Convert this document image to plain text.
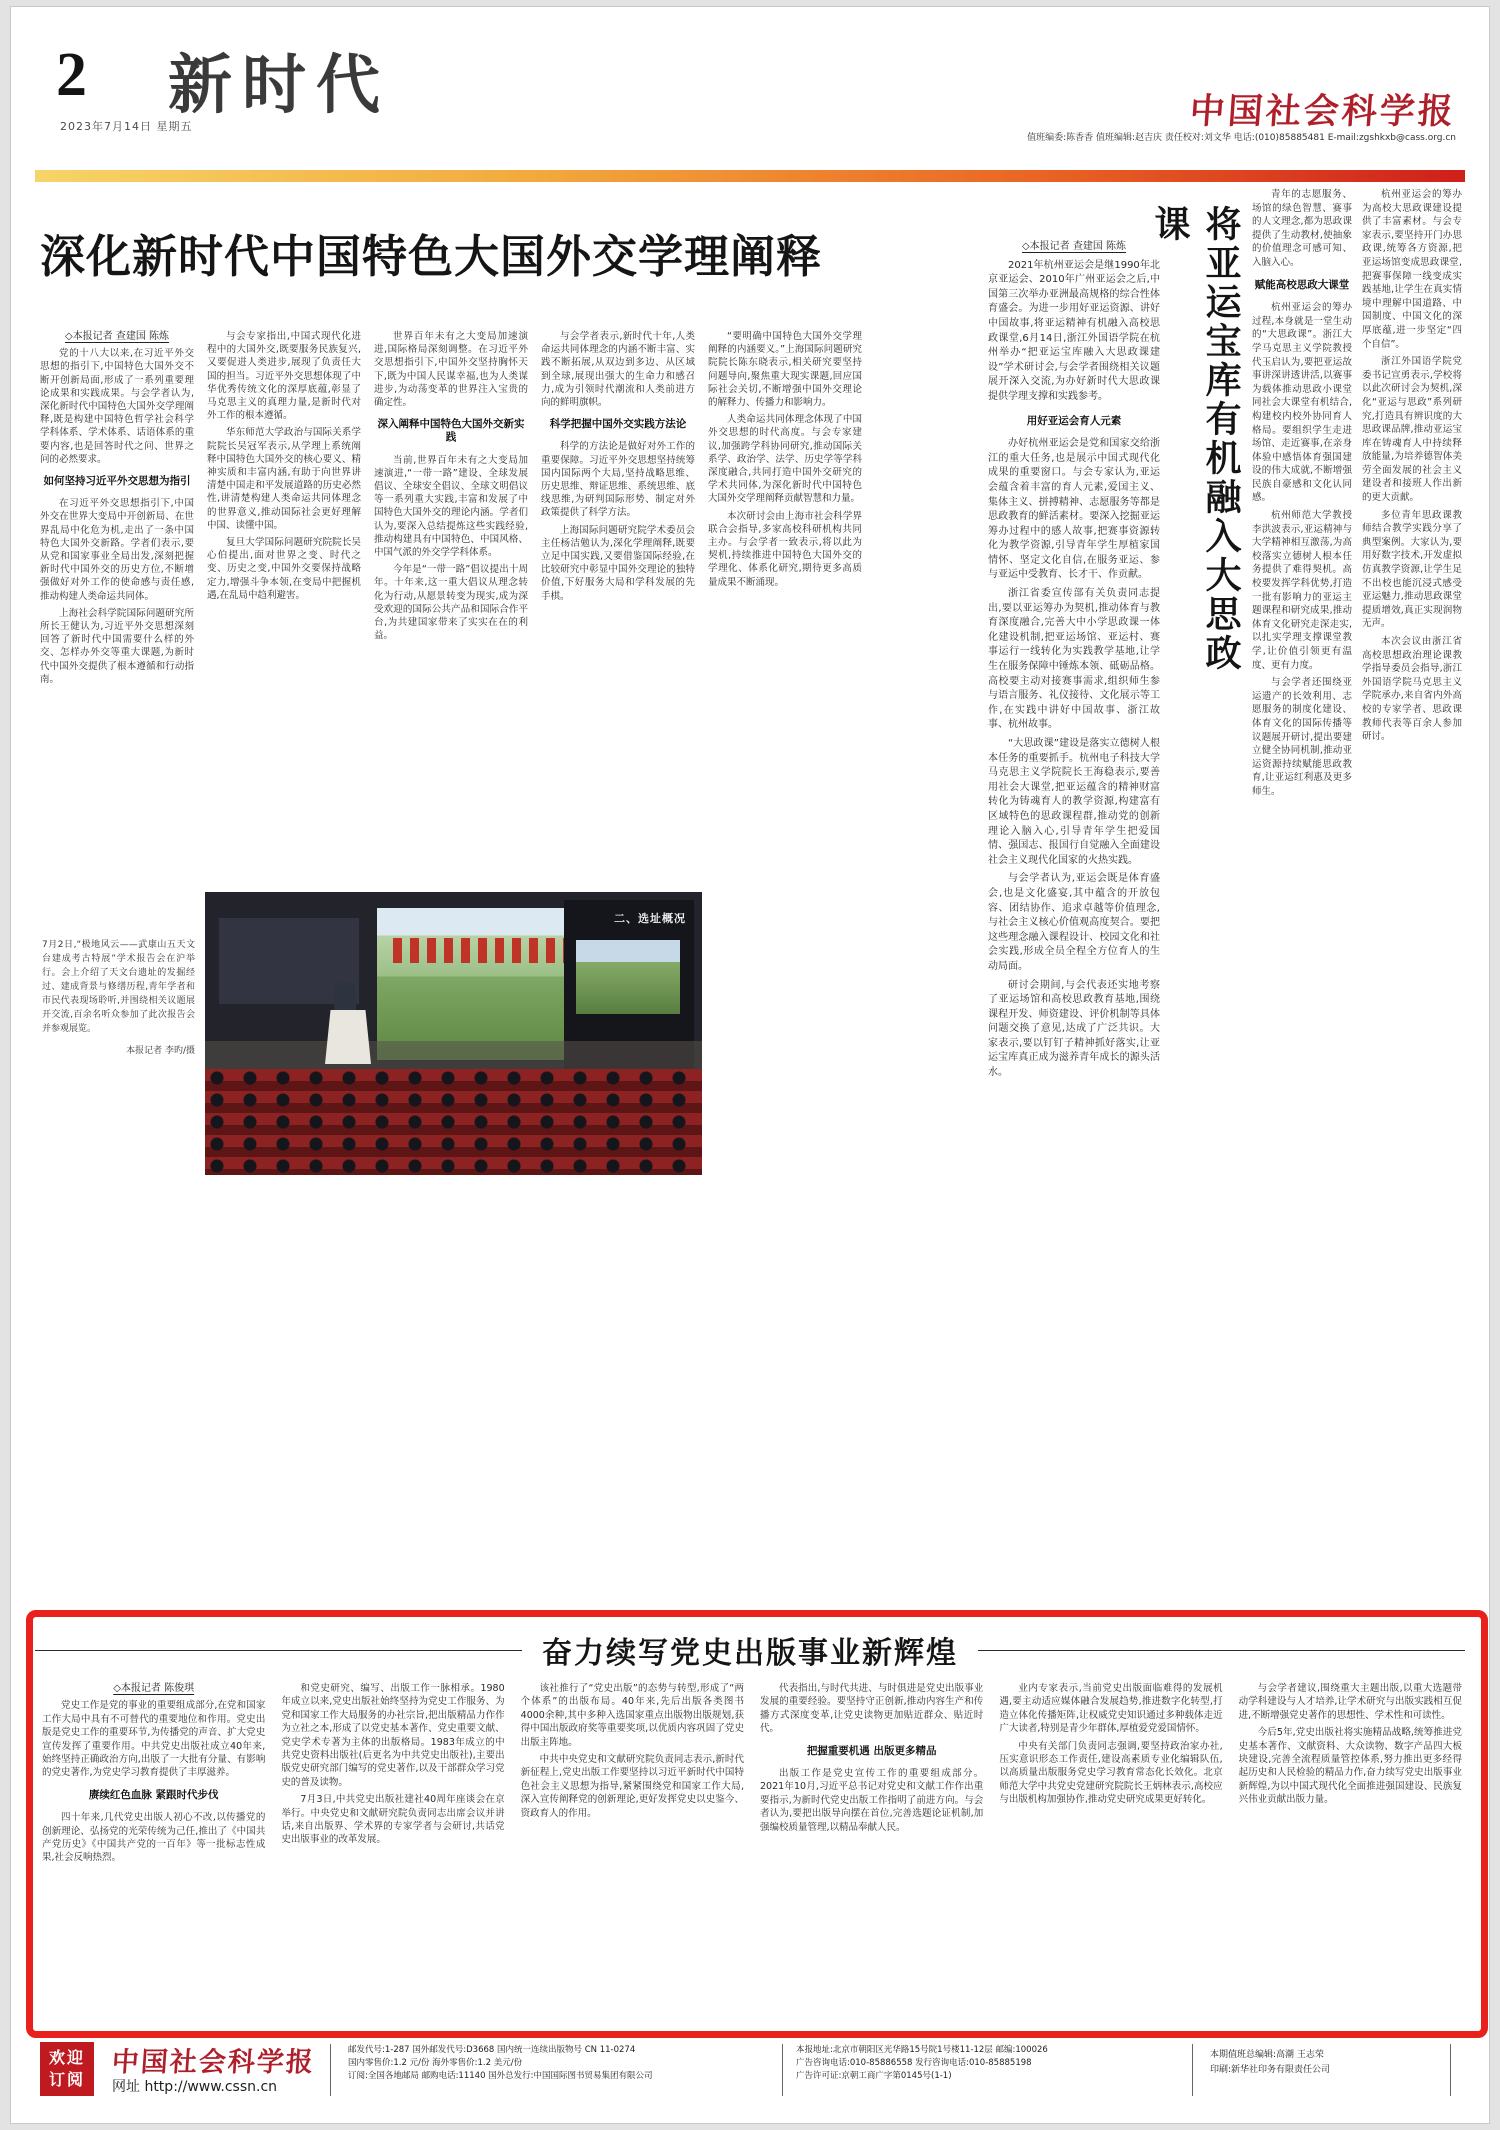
2
2023年7月14日 星期五
新时代	中国社会科学报
值班编委:陈香香 值班编辑:赵吉庆 责任校对:刘文华 电话:(010)85885481 E-mail:zgshkxb@cass.org.cn
深化新时代中国特色大国外交学理阐释

◇本报记者 查建国 陈炼

党的十八大以来,在习近平外交思想的指引下,中国特色大国外交不断开创新局面,形成了一系列重要理论成果和实践成果。与会学者认为,深化新时代中国特色大国外交学理阐释,既是构建中国特色哲学社会科学学科体系、学术体系、话语体系的重要内容,也是回答时代之问、世界之问的必然要求。

如何坚持习近平外交思想为指引

在习近平外交思想指引下,中国外交在世界大变局中开创新局、在世界乱局中化危为机,走出了一条中国特色大国外交新路。学者们表示,要从党和国家事业全局出发,深刻把握新时代中国外交的历史方位,不断增强做好对外工作的使命感与责任感,推动构建人类命运共同体。

上海社会科学院国际问题研究所所长王健认为,习近平外交思想深刻回答了新时代中国需要什么样的外交、怎样办外交等重大课题,为新时代中国外交提供了根本遵循和行动指南。

与会专家指出,中国式现代化进程中的大国外交,既要服务民族复兴,又要促进人类进步,展现了负责任大国的担当。习近平外交思想体现了中华优秀传统文化的深厚底蕴,彰显了马克思主义的真理力量,是新时代对外工作的根本遵循。

华东师范大学政治与国际关系学院院长吴冠军表示,从学理上系统阐释中国特色大国外交的核心要义、精神实质和丰富内涵,有助于向世界讲清楚中国走和平发展道路的历史必然性,讲清楚构建人类命运共同体理念的世界意义,推动国际社会更好理解中国、读懂中国。

复旦大学国际问题研究院院长吴心伯提出,面对世界之变、时代之变、历史之变,中国外交要保持战略定力,增强斗争本领,在变局中把握机遇,在乱局中趋利避害。

世界百年未有之大变局加速演进,国际格局深刻调整。在习近平外交思想指引下,中国外交坚持胸怀天下,既为中国人民谋幸福,也为人类谋进步,为动荡变革的世界注入宝贵的确定性。

深入阐释中国特色大国外交新实践

当前,世界百年未有之大变局加速演进,“一带一路”建设、全球发展倡议、全球安全倡议、全球文明倡议等一系列重大实践,丰富和发展了中国特色大国外交的理论内涵。学者们认为,要深入总结提炼这些实践经验,推动构建具有中国特色、中国风格、中国气派的外交学学科体系。

今年是“一带一路”倡议提出十周年。十年来,这一重大倡议从理念转化为行动,从愿景转变为现实,成为深受欢迎的国际公共产品和国际合作平台,为共建国家带来了实实在在的利益。

与会学者表示,新时代十年,人类命运共同体理念的内涵不断丰富、实践不断拓展,从双边到多边、从区域到全球,展现出强大的生命力和感召力,成为引领时代潮流和人类前进方向的鲜明旗帜。

科学把握中国外交实践方法论

科学的方法论是做好对外工作的重要保障。习近平外交思想坚持统筹国内国际两个大局,坚持战略思维、历史思维、辩证思维、系统思维、底线思维,为研判国际形势、制定对外政策提供了科学方法。

上海国际问题研究院学术委员会主任杨洁勉认为,深化学理阐释,既要立足中国实践,又要借鉴国际经验,在比较研究中彰显中国外交理论的独特价值,下好服务大局和学科发展的先手棋。

“要明确中国特色大国外交学理阐释的内涵要义。”上海国际问题研究院院长陈东晓表示,相关研究要坚持问题导向,聚焦重大现实课题,回应国际社会关切,不断增强中国外交理论的解释力、传播力和影响力。

人类命运共同体理念体现了中国外交思想的时代高度。与会专家建议,加强跨学科协同研究,推动国际关系学、政治学、法学、历史学等学科深度融合,共同打造中国外交研究的学术共同体,为深化新时代中国特色大国外交学理阐释贡献智慧和力量。

本次研讨会由上海市社会科学界联合会指导,多家高校科研机构共同主办。与会学者一致表示,将以此为契机,持续推进中国特色大国外交的学理化、体系化研究,期待更多高质量成果不断涌现。

7月2日,“极地风云——武康山五天文台建成考古特展”学术报告会在沪举行。会上介绍了天文台遗址的发掘经过、建成背景与修缮历程,青年学者和市民代表现场聆听,并围绕相关议题展开交流,百余名听众参加了此次报告会并参观展览。
本报记者 李旳/摄
二、选址概况

◇本报记者 查建国 陈炼

2021年杭州亚运会是继1990年北京亚运会、2010年广州亚运会之后,中国第三次举办亚洲最高规格的综合性体育盛会。为进一步用好亚运资源、讲好中国故事,将亚运精神有机融入高校思政课堂,6月14日,浙江外国语学院在杭州举办“把亚运宝库融入大思政课建设”学术研讨会,与会学者围绕相关议题展开深入交流,为办好新时代大思政课提供学理支撑和实践参考。

用好亚运会育人元素

办好杭州亚运会是党和国家交给浙江的重大任务,也是展示中国式现代化成果的重要窗口。与会专家认为,亚运会蕴含着丰富的育人元素,爱国主义、集体主义、拼搏精神、志愿服务等都是思政教育的鲜活素材。要深入挖掘亚运筹办过程中的感人故事,把赛事资源转化为教学资源,引导青年学生厚植家国情怀、坚定文化自信,在服务亚运、参与亚运中受教育、长才干、作贡献。

浙江省委宣传部有关负责同志提出,要以亚运筹办为契机,推动体育与教育深度融合,完善大中小学思政课一体化建设机制,把亚运场馆、亚运村、赛事运行一线转化为实践教学基地,让学生在服务保障中锤炼本领、砥砺品格。高校要主动对接赛事需求,组织师生参与语言服务、礼仪接待、文化展示等工作,在实践中讲好中国故事、浙江故事、杭州故事。

“大思政课”建设是落实立德树人根本任务的重要抓手。杭州电子科技大学马克思主义学院院长王海稳表示,要善用社会大课堂,把亚运蕴含的精神财富转化为铸魂育人的教学资源,构建富有区域特色的思政课程群,推动党的创新理论入脑入心,引导青年学生把爱国情、强国志、报国行自觉融入全面建设社会主义现代化国家的火热实践。

与会学者认为,亚运会既是体育盛会,也是文化盛宴,其中蕴含的开放包容、团结协作、追求卓越等价值理念,与社会主义核心价值观高度契合。要把这些理念融入课程设计、校园文化和社会实践,形成全员全程全方位育人的生动局面。

研讨会期间,与会代表还实地考察了亚运场馆和高校思政教育基地,围绕课程开发、师资建设、评价机制等具体问题交换了意见,达成了广泛共识。大家表示,要以钉钉子精神抓好落实,让亚运宝库真正成为滋养青年成长的源头活水。

将亚运宝库有机融入大思政课

青年的志愿服务、场馆的绿色智慧、赛事的人文理念,都为思政课提供了生动教材,使抽象的价值理念可感可知、入脑入心。

赋能高校思政大课堂

杭州亚运会的筹办过程,本身就是一堂生动的“大思政课”。浙江大学马克思主义学院教授代玉启认为,要把亚运故事讲深讲透讲活,以赛事为载体推动思政小课堂同社会大课堂有机结合,构建校内校外协同育人格局。要组织学生走进场馆、走近赛事,在亲身体验中感悟体育强国建设的伟大成就,不断增强民族自豪感和文化认同感。

杭州师范大学教授李洪波表示,亚运精神与大学精神相互激荡,为高校落实立德树人根本任务提供了难得契机。高校要发挥学科优势,打造一批有影响力的亚运主题课程和研究成果,推动体育文化研究走深走实,以扎实学理支撑课堂教学,让价值引领更有温度、更有力度。

与会学者还围绕亚运遗产的长效利用、志愿服务的制度化建设、体育文化的国际传播等议题展开研讨,提出要建立健全协同机制,推动亚运资源持续赋能思政教育,让亚运红利惠及更多师生。

杭州亚运会的筹办为高校大思政课建设提供了丰富素材。与会专家表示,要坚持开门办思政课,统筹各方资源,把亚运场馆变成思政课堂,把赛事保障一线变成实践基地,让学生在真实情境中理解中国道路、中国制度、中国文化的深厚底蕴,进一步坚定“四个自信”。

浙江外国语学院党委书记宣勇表示,学校将以此次研讨会为契机,深化“亚运与思政”系列研究,打造具有辨识度的大思政课品牌,推动亚运宝库在铸魂育人中持续释放能量,为培养德智体美劳全面发展的社会主义建设者和接班人作出新的更大贡献。

多位青年思政课教师结合教学实践分享了典型案例。大家认为,要用好数字技术,开发虚拟仿真教学资源,让学生足不出校也能沉浸式感受亚运魅力,推动思政课堂提质增效,真正实现润物无声。

本次会议由浙江省高校思想政治理论课教学指导委员会指导,浙江外国语学院马克思主义学院承办,来自省内外高校的专家学者、思政课教师代表等百余人参加研讨。

奋力续写党史出版事业新辉煌

◇本报记者 陈俊琪

党史工作是党的事业的重要组成部分,在党和国家工作大局中具有不可替代的重要地位和作用。党史出版是党史工作的重要环节,为传播党的声音、扩大党史宣传发挥了重要作用。中共党史出版社成立40年来,始终坚持正确政治方向,出版了一大批有分量、有影响的党史著作,为党史学习教育提供了丰厚滋养。

赓续红色血脉 紧跟时代步伐

四十年来,几代党史出版人初心不改,以传播党的创新理论、弘扬党的光荣传统为己任,推出了《中国共产党历史》《中国共产党的一百年》等一批标志性成果,社会反响热烈。

和党史研究、编写、出版工作一脉相承。1980年成立以来,党史出版社始终坚持为党史工作服务、为党和国家工作大局服务的办社宗旨,把出版精品力作作为立社之本,形成了以党史基本著作、党史重要文献、党史学术专著为主体的出版格局。1983年成立的中共党史资料出版社(后更名为中共党史出版社),主要出版党史研究部门编写的党史著作,以及干部群众学习党史的普及读物。

7月3日,中共党史出版社建社40周年座谈会在京举行。中央党史和文献研究院负责同志出席会议并讲话,来自出版界、学术界的专家学者与会研讨,共话党史出版事业的改革发展。

该社推行了“党史出版”的态势与转型,形成了“两个体系”的出版布局。40年来,先后出版各类图书4000余种,其中多种入选国家重点出版物出版规划,获得中国出版政府奖等重要奖项,以优质内容巩固了党史出版主阵地。

中共中央党史和文献研究院负责同志表示,新时代新征程上,党史出版工作要坚持以习近平新时代中国特色社会主义思想为指导,紧紧围绕党和国家工作大局,深入宣传阐释党的创新理论,更好发挥党史以史鉴今、资政育人的作用。

代表指出,与时代共进、与时俱进是党史出版事业发展的重要经验。要坚持守正创新,推动内容生产和传播方式深度变革,让党史读物更加贴近群众、贴近时代。

把握重要机遇 出版更多精品

出版工作是党史宣传工作的重要组成部分。2021年10月,习近平总书记对党史和文献工作作出重要指示,为新时代党史出版工作指明了前进方向。与会者认为,要把出版导向摆在首位,完善选题论证机制,加强编校质量管理,以精品奉献人民。

业内专家表示,当前党史出版面临难得的发展机遇,要主动适应媒体融合发展趋势,推进数字化转型,打造立体化传播矩阵,让权威党史知识通过多种载体走近广大读者,特别是青少年群体,厚植爱党爱国情怀。

中央有关部门负责同志强调,要坚持政治家办社,压实意识形态工作责任,建设高素质专业化编辑队伍,以高质量出版服务党史学习教育常态化长效化。北京师范大学中共党史党建研究院院长王炳林表示,高校应与出版机构加强协作,推动党史研究成果更好转化。

与会学者建议,围绕重大主题出版,以重大选题带动学科建设与人才培养,让学术研究与出版实践相互促进,不断增强党史著作的思想性、学术性和可读性。

今后5年,党史出版社将实施精品战略,统筹推进党史基本著作、文献资料、大众读物、数字产品四大板块建设,完善全流程质量管控体系,努力推出更多经得起历史和人民检验的精品力作,奋力续写党史出版事业新辉煌,为以中国式现代化全面推进强国建设、民族复兴伟业贡献出版力量。

欢迎
订阅
中国社会科学报
网址 http://www.cssn.cn
邮发代号:1-287 国外邮发代号:D3668 国内统一连续出版物号 CN 11-0274
国内零售价:1.2 元/份 海外零售价:1.2 美元/份
订阅:全国各地邮局 邮购电话:11140 国外总发行:中国国际图书贸易集团有限公司
本报地址:北京市朝阳区光华路15号院1号楼11-12层 邮编:100026
广告咨询电话:010-85886558 发行咨询电话:010-85885198
广告许可证:京朝工商广字第0145号(1-1)
本期值班总编辑:高潮 王志荣
印刷:新华社印务有限责任公司
